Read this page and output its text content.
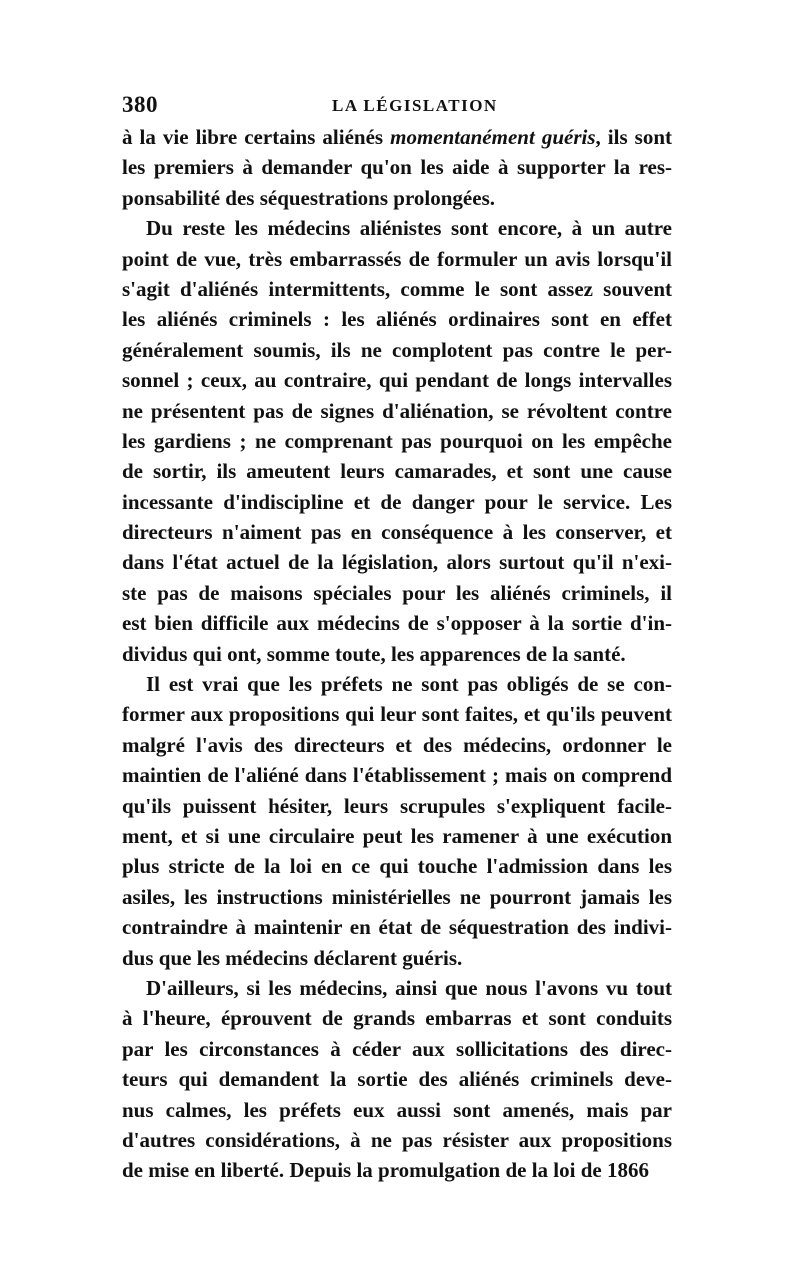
380	LA LÉGISLATION
à la vie libre certains aliénés momentanément guéris, ils sont
les premiers à demander qu'on les aide à supporter la res-
ponsabilité des séquestrations prolongées.
Du reste les médecins aliénistes sont encore, à un autre
point de vue, très embarrassés de formuler un avis lorsqu'il
s'agit d'aliénés intermittents, comme le sont assez souvent
les aliénés criminels : les aliénés ordinaires sont en effet
généralement soumis, ils ne complotent pas contre le per-
sonnel ; ceux, au contraire, qui pendant de longs intervalles
ne présentent pas de signes d'aliénation, se révoltent contre
les gardiens ; ne comprenant pas pourquoi on les empêche
de sortir, ils ameutent leurs camarades, et sont une cause
incessante d'indiscipline et de danger pour le service. Les
directeurs n'aiment pas en conséquence à les conserver, et
dans l'état actuel de la législation, alors surtout qu'il n'exi-
ste pas de maisons spéciales pour les aliénés criminels, il
est bien difficile aux médecins de s'opposer à la sortie d'in-
dividus qui ont, somme toute, les apparences de la santé.
Il est vrai que les préfets ne sont pas obligés de se con-
former aux propositions qui leur sont faites, et qu'ils peuvent
malgré l'avis des directeurs et des médecins, ordonner le
maintien de l'aliéné dans l'établissement ; mais on comprend
qu'ils puissent hésiter, leurs scrupules s'expliquent facile-
ment, et si une circulaire peut les ramener à une exécution
plus stricte de la loi en ce qui touche l'admission dans les
asiles, les instructions ministérielles ne pourront jamais les
contraindre à maintenir en état de séquestration des indivi-
dus que les médecins déclarent guéris.
D'ailleurs, si les médecins, ainsi que nous l'avons vu tout
à l'heure, éprouvent de grands embarras et sont conduits
par les circonstances à céder aux sollicitations des direc-
teurs qui demandent la sortie des aliénés criminels deve-
nus calmes, les préfets eux aussi sont amenés, mais par
d'autres considérations, à ne pas résister aux propositions
de mise en liberté. Depuis la promulgation de la loi de 1866
